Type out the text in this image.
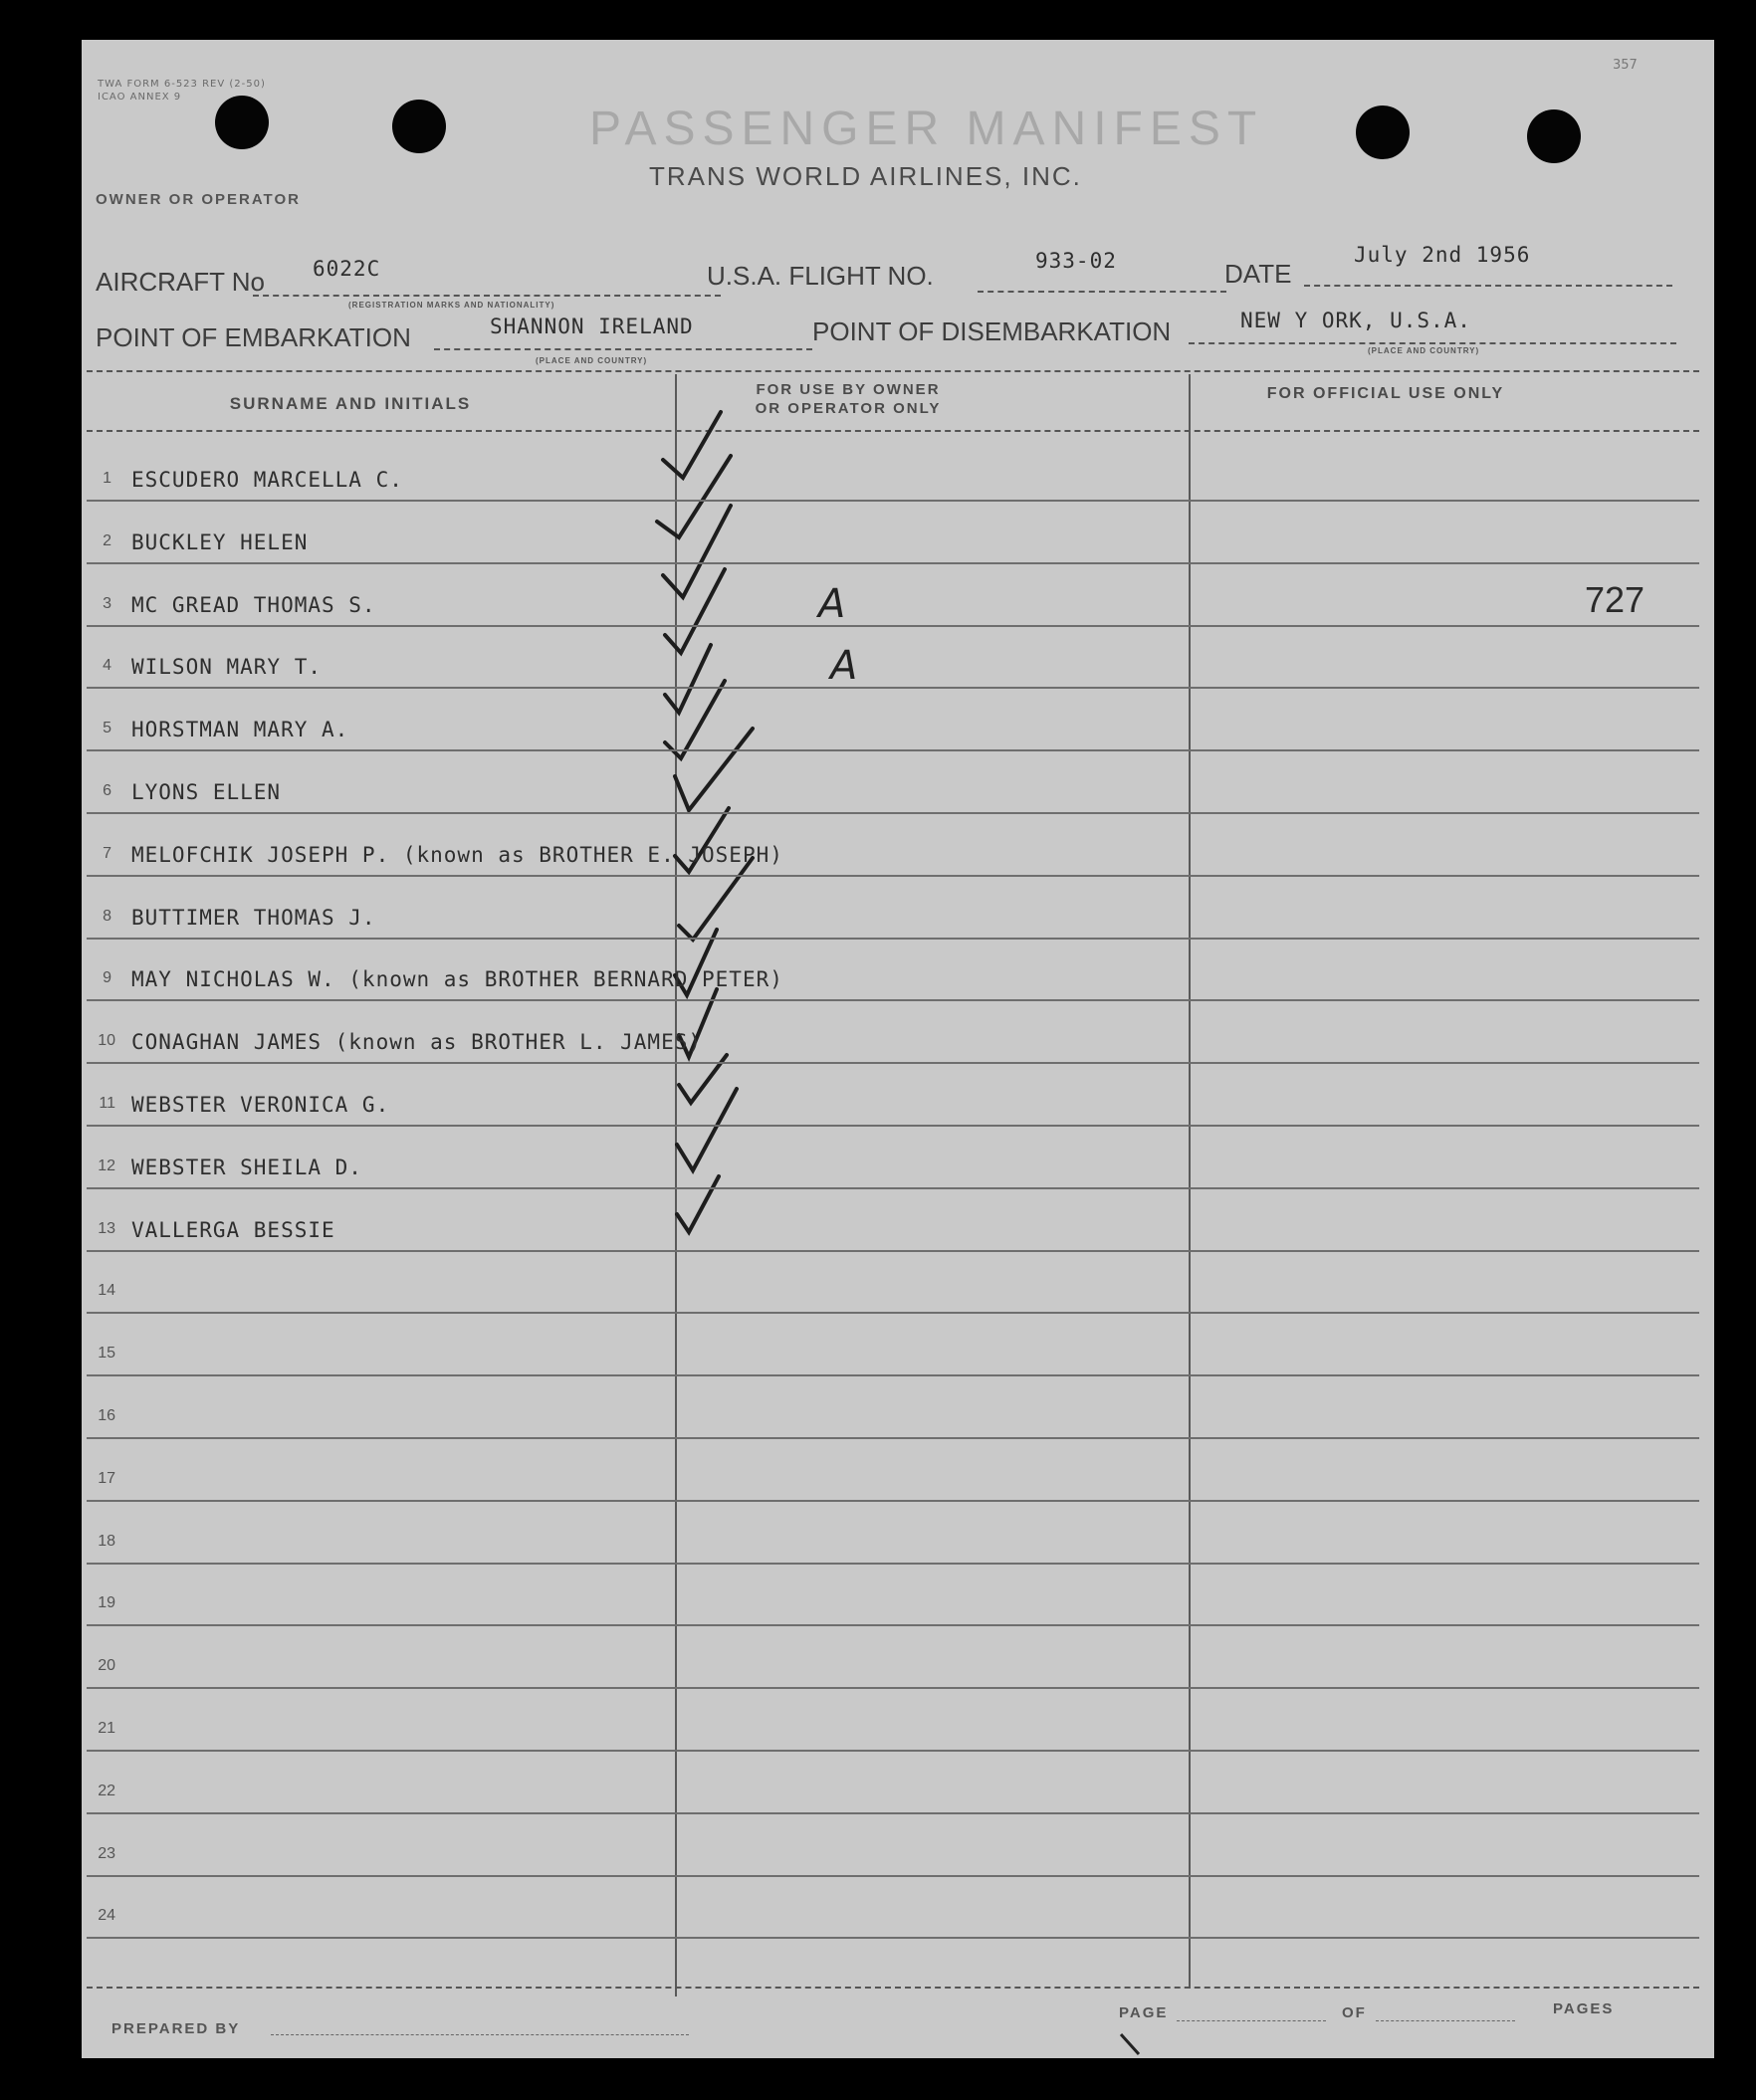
TWA FORM 6-523 REV (2-50)
ICAO ANNEX 9
357
PASSENGER MANIFEST
TRANS WORLD AIRLINES, INC.
OWNER OR OPERATOR
AIRCRAFT No 6022C
(REGISTRATION MARKS AND NATIONALITY)
U.S.A. FLIGHT NO.	933-02	DATE
July 2nd 1956
POINT OF EMBARKATION	SHANNON IRELAND
(PLACE AND COUNTRY)
POINT OF DISEMBARKATION	NEW Y ORK, U.S.A.
(PLACE AND COUNTRY)
SURNAME AND INITIALS
FOR USE BY OWNER
OR OPERATOR ONLY
FOR OFFICIAL USE ONLY
PREPARED BY
PAGE	OF	PAGES
1 ESCUDERO MARCELLA C.
2 BUCKLEY HELEN
3 MC GREAD THOMAS S.	A	727
4 WILSON MARY T.	A
5 HORSTMAN MARY A.
6 LYONS ELLEN
7 MELOFCHIK JOSEPH P. (known as BROTHER E. JOSEPH)
8 BUTTIMER THOMAS J.
9 MAY NICHOLAS W. (known as BROTHER BERNARD PETER)
10 CONAGHAN JAMES (known as BROTHER L. JAMES)
11 WEBSTER VERONICA G.
12 WEBSTER SHEILA D.
13 VALLERGA BESSIE
14
15
16
17
18
19
20
21
22
23
24
